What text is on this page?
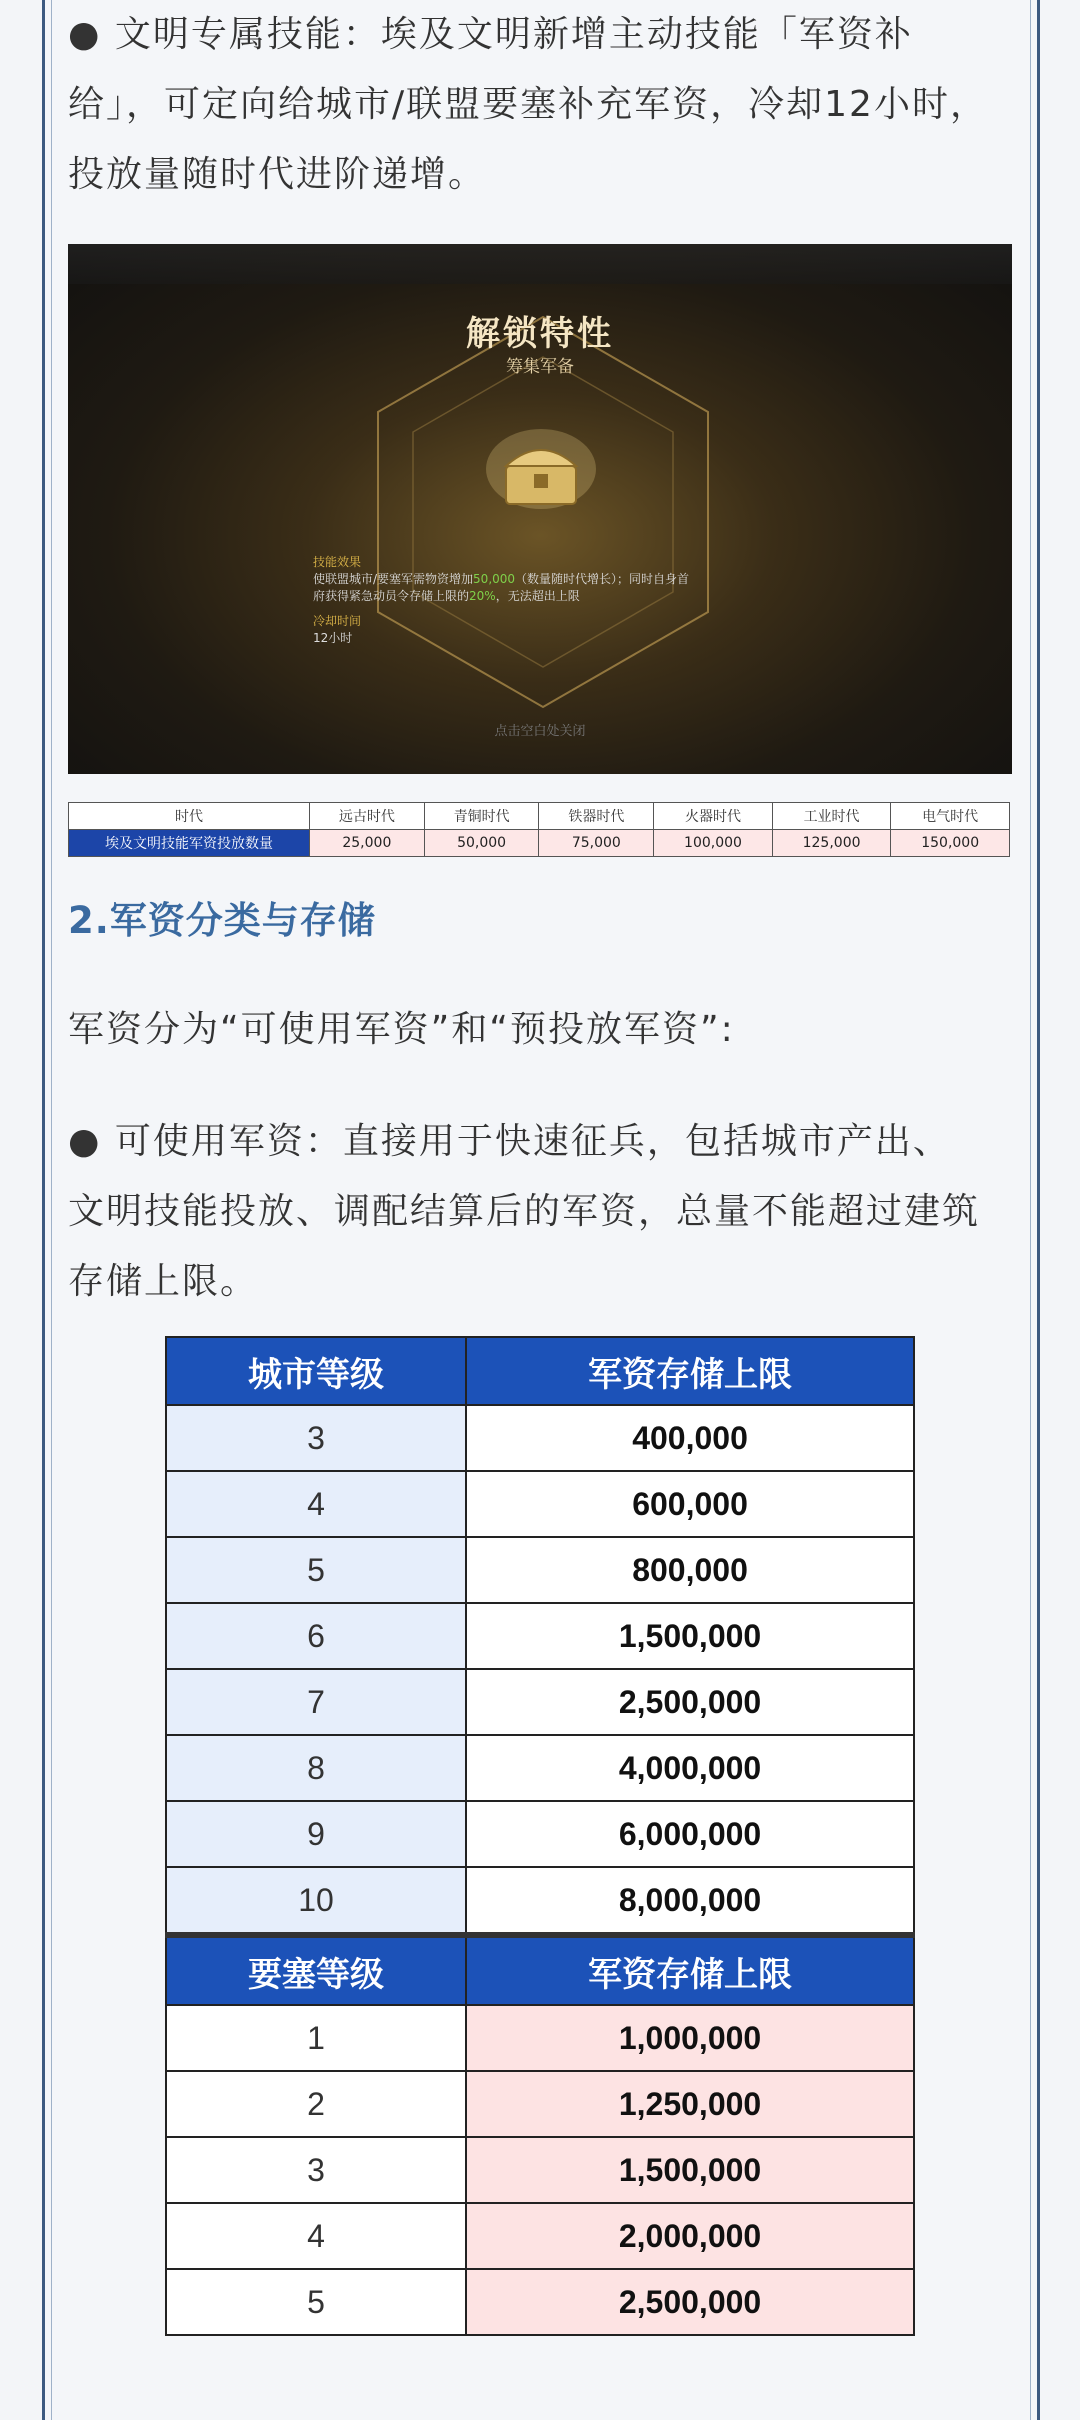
● 文明专属技能：埃及文明新增主动技能「军资补
给」，可定向给城市/联盟要塞补充军资，冷却12小时，
投放量随时代进阶递增。
解锁特性
筹集军备
技能效果
使联盟城市/要塞军需物资增加50,000（数量随时代增长）；同时自身首
府获得紧急动员令存储上限的20%，无法超出上限
冷却时间
12小时
点击空白处关闭
时代	远古时代	青铜时代	铁器时代	火器时代	工业时代	电气时代
埃及文明技能军资投放数量	25,000	50,000	75,000	100,000	125,000	150,000
2.军资分类与存储
军资分为“可使用军资”和“预投放军资”:
● 可使用军资：直接用于快速征兵，包括城市产出、
文明技能投放、调配结算后的军资，总量不能超过建筑
存储上限。
城市等级	军资存储上限
3	400,000
4	600,000
5	800,000
6	1,500,000
7	2,500,000
8	4,000,000
9	6,000,000
10	8,000,000
要塞等级	军资存储上限
1	1,000,000
2	1,250,000
3	1,500,000
4	2,000,000
5	2,500,000
